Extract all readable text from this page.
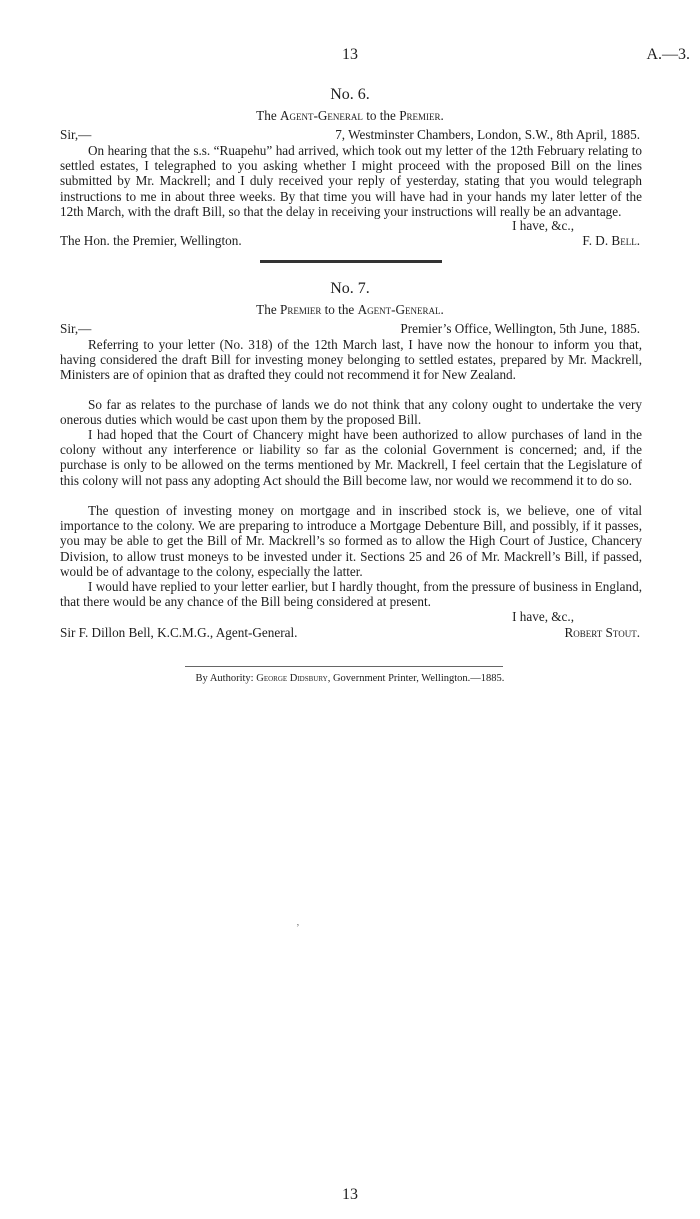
13	A.—3.
No. 6.
The Agent-General to the Premier.
Sir,—	7, Westminster Chambers, London, S.W., 8th April, 1885.

On hearing that the s.s. “Ruapehu” had arrived, which took out my letter of the 12th February relating to settled estates, I telegraphed to you asking whether I might proceed with the proposed Bill on the lines submitted by Mr. Mackrell; and I duly received your reply of yesterday, stating that you would telegraph instructions to me in about three weeks. By that time you will have had in your hands my later letter of the 12th March, with the draft Bill, so that the delay in receiving your instructions will really be an advantage.

I have, &c.,
The Hon. the Premier, Wellington.	F. D. Bell.
No. 7.
The Premier to the Agent-General.
Sir,—	Premier’s Office, Wellington, 5th June, 1885.

Referring to your letter (No. 318) of the 12th March last, I have now the honour to inform you that, having considered the draft Bill for investing money belonging to settled estates, prepared by Mr. Mackrell, Ministers are of opinion that as drafted they could not recommend it for New Zealand.

So far as relates to the purchase of lands we do not think that any colony ought to undertake the very onerous duties which would be cast upon them by the proposed Bill.

I had hoped that the Court of Chancery might have been authorized to allow purchases of land in the colony without any interference or liability so far as the colonial Government is concerned; and, if the purchase is only to be allowed on the terms mentioned by Mr. Mackrell, I feel certain that the Legislature of this colony will not pass any adopting Act should the Bill become law, nor would we recommend it to do so.

The question of investing money on mortgage and in inscribed stock is, we believe, one of vital importance to the colony. We are preparing to introduce a Mortgage Debenture Bill, and possibly, if it passes, you may be able to get the Bill of Mr. Mackrell’s so formed as to allow the High Court of Justice, Chancery Division, to allow trust moneys to be invested under it. Sections 25 and 26 of Mr. Mackrell’s Bill, if passed, would be of advantage to the colony, especially the latter.

I would have replied to your letter earlier, but I hardly thought, from the pressure of business in England, that there would be any chance of the Bill being considered at present.

I have, &c.,
Sir F. Dillon Bell, K.C.M.G., Agent-General.	Robert Stout.
By Authority: George Didsbury, Government Printer, Wellington.—1885.
’
13
